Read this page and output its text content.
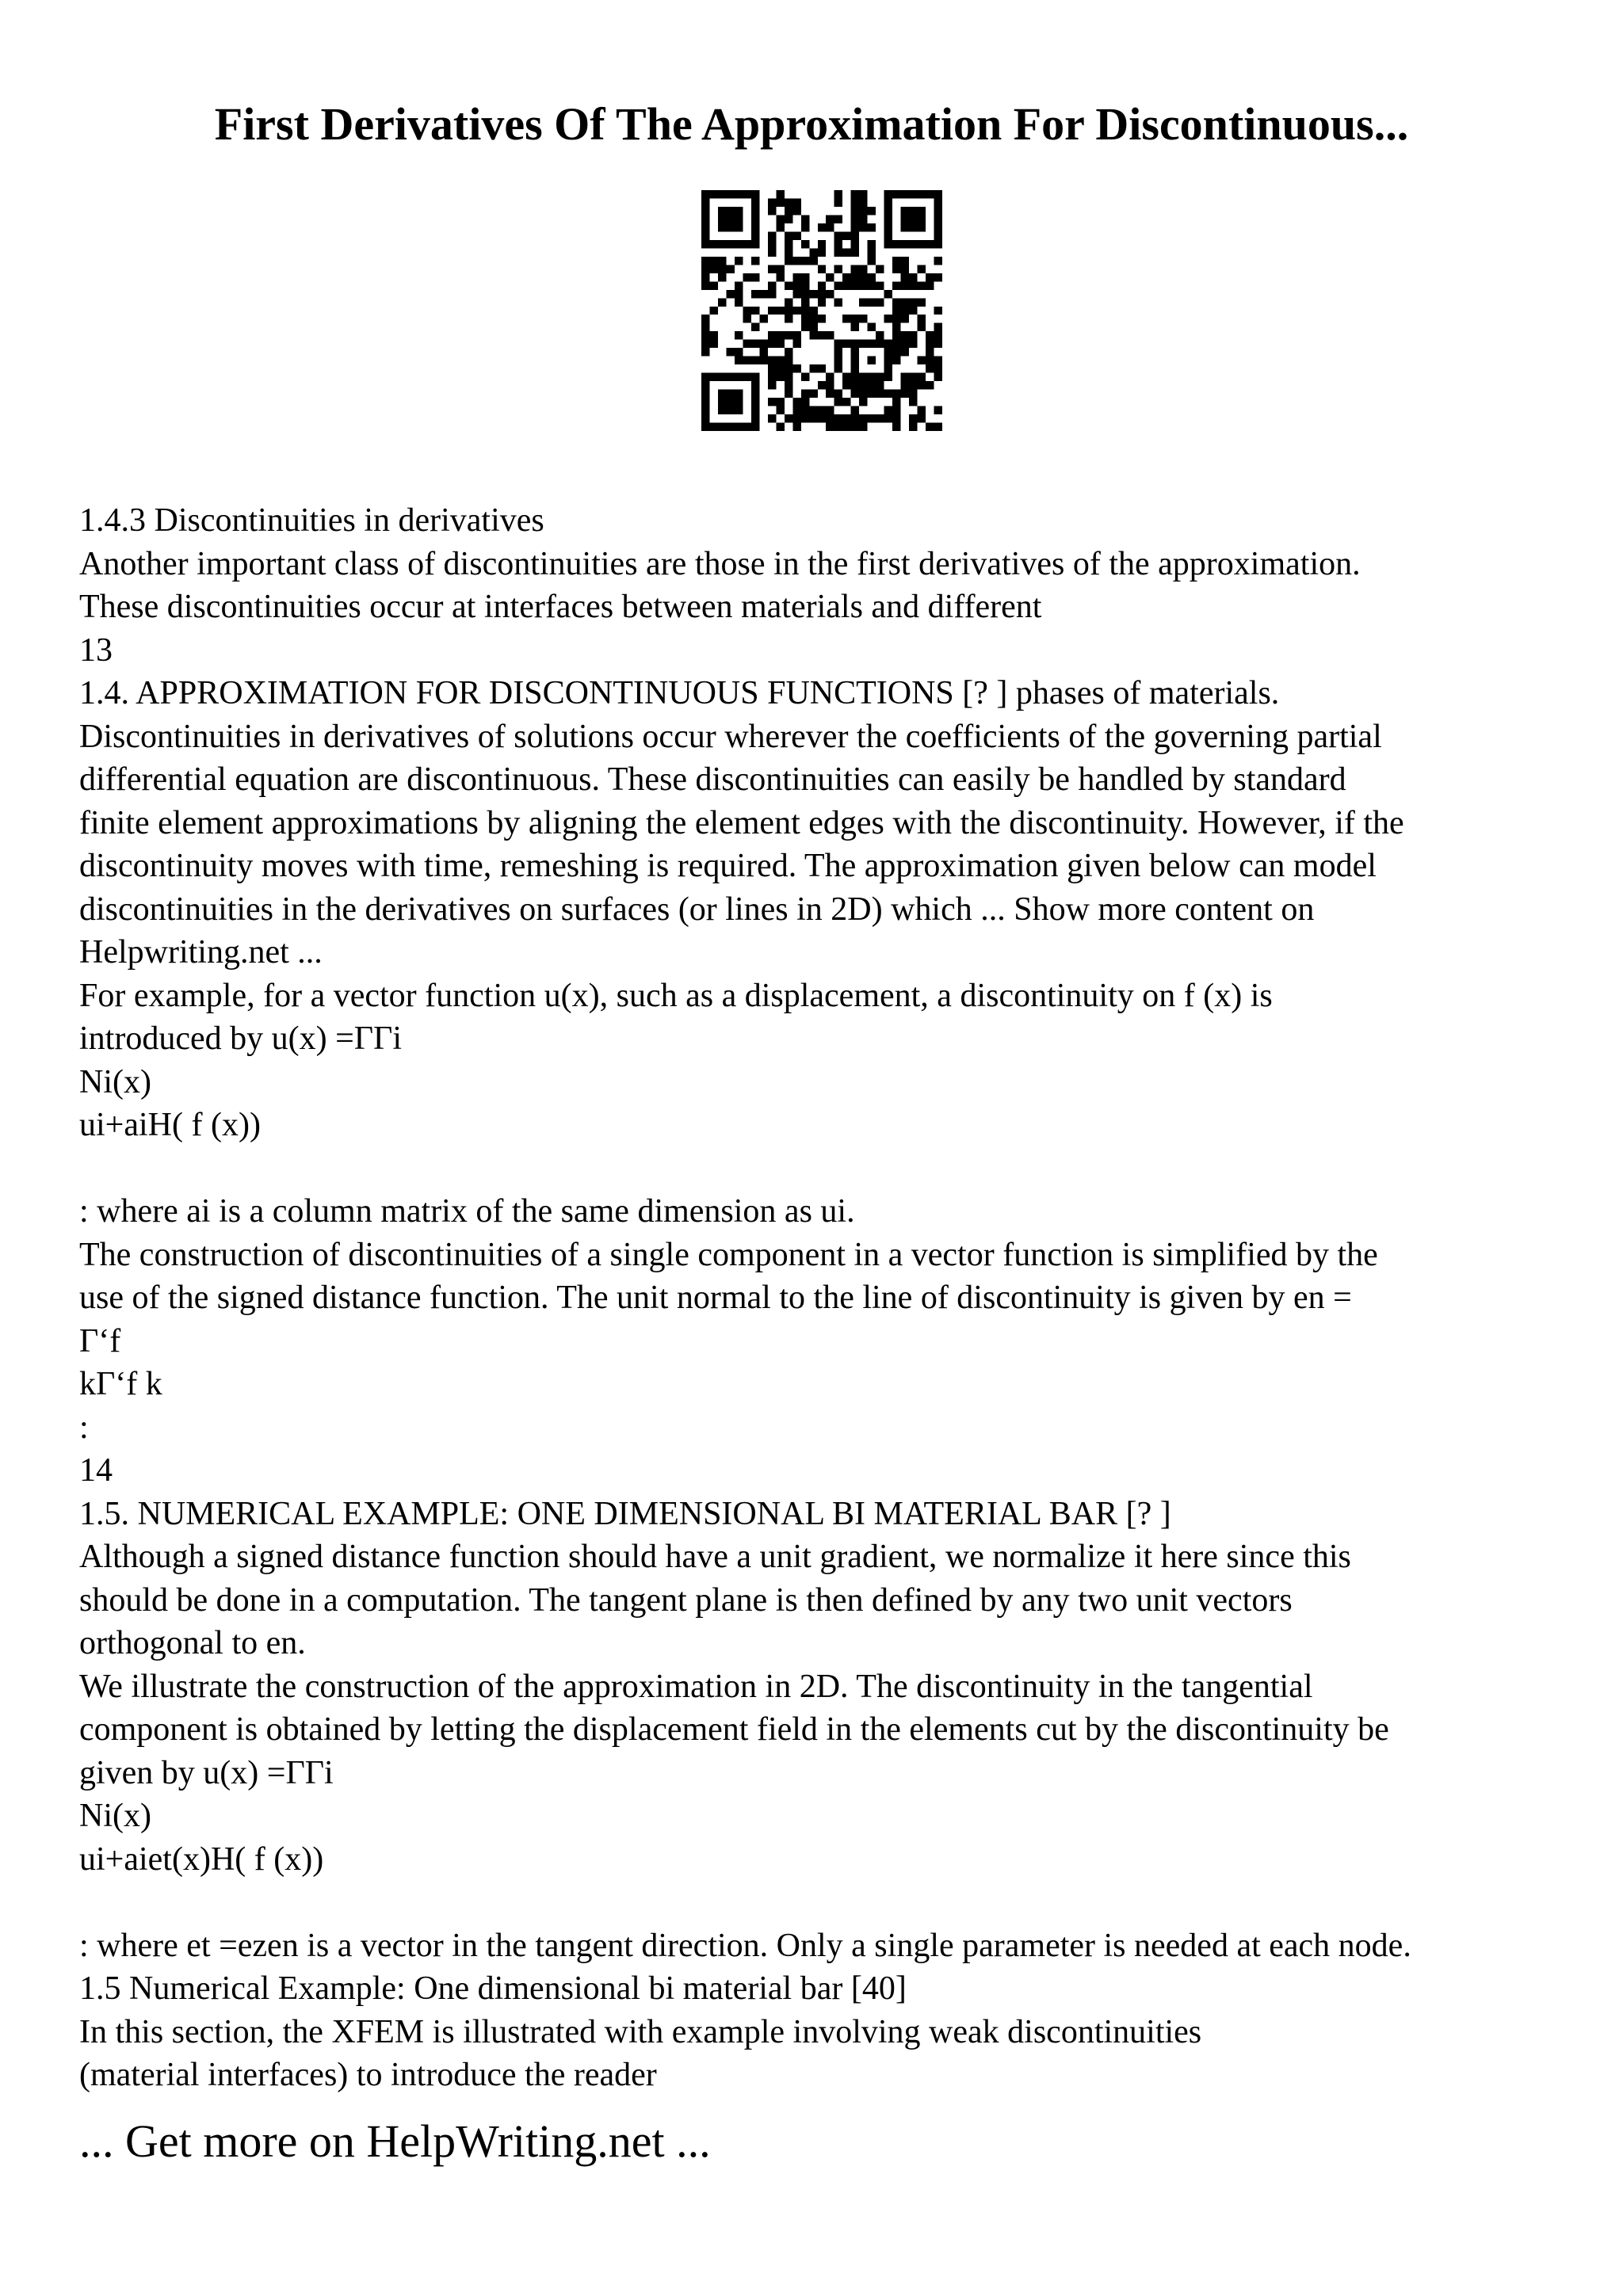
First Derivatives Of The Approximation For Discontinuous...
1.4.3 Discontinuities in derivatives
Another important class of discontinuities are those in the first derivatives of the approximation.
These discontinuities occur at interfaces between materials and different
13
1.4. APPROXIMATION FOR DISCONTINUOUS FUNCTIONS [? ] phases of materials.
Discontinuities in derivatives of solutions occur wherever the coefficients of the governing partial
differential equation are discontinuous. These discontinuities can easily be handled by standard
finite element approximations by aligning the element edges with the discontinuity. However, if the
discontinuity moves with time, remeshing is required. The approximation given below can model
discontinuities in the derivatives on surfaces (or lines in 2D) which ... Show more content on
Helpwriting.net ...
For example, for a vector function u(x), such as a displacement, a discontinuity on f (x) is
introduced by u(x) =ΓΓi
Ni(x)
ui+aiH( f (x))
: where ai is a column matrix of the same dimension as ui.
The construction of discontinuities of a single component in a vector function is simplified by the
use of the signed distance function. The unit normal to the line of discontinuity is given by en =
Γ‘f
kΓ‘f k
:
14
1.5. NUMERICAL EXAMPLE: ONE DIMENSIONAL BI MATERIAL BAR [? ]
Although a signed distance function should have a unit gradient, we normalize it here since this
should be done in a computation. The tangent plane is then defined by any two unit vectors
orthogonal to en.
We illustrate the construction of the approximation in 2D. The discontinuity in the tangential
component is obtained by letting the displacement field in the elements cut by the discontinuity be
given by u(x) =ΓΓi
Ni(x)
ui+aiet(x)H( f (x))
: where et =ezen is a vector in the tangent direction. Only a single parameter is needed at each node.
1.5 Numerical Example: One dimensional bi material bar [40]
In this section, the XFEM is illustrated with example involving weak discontinuities
(material interfaces) to introduce the reader
... Get more on HelpWriting.net ...
